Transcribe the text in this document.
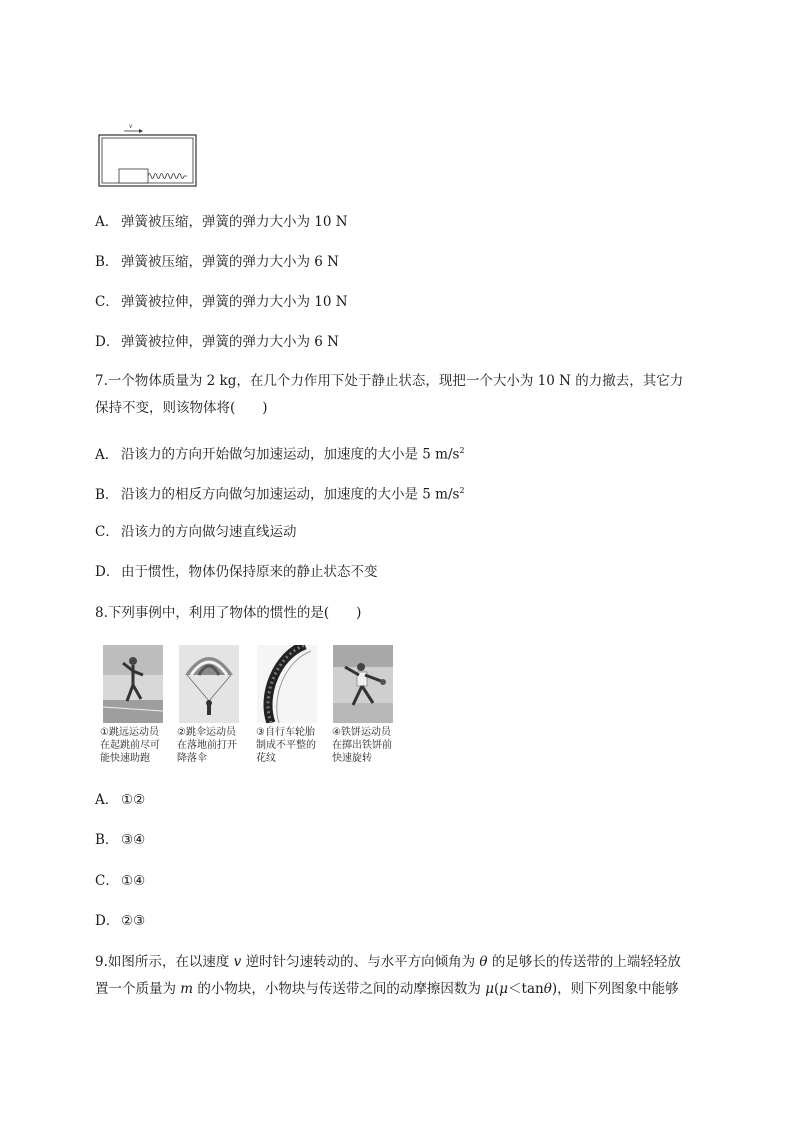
v
A． 弹簧被压缩，弹簧的弹力大小为 10 N
B． 弹簧被压缩，弹簧的弹力大小为 6 N
C． 弹簧被拉伸，弹簧的弹力大小为 10 N
D． 弹簧被拉伸，弹簧的弹力大小为 6 N
7.一个物体质量为 2 kg，在几个力作用下处于静止状态，现把一个大小为 10 N 的力撤去，其它力
保持不变，则该物体将(　　)
A． 沿该力的方向开始做匀加速运动，加速度的大小是 5 $m/s^2$
B． 沿该力的相反方向做匀加速运动，加速度的大小是 5 $m/s^2$
C． 沿该力的方向做匀速直线运动
D． 由于惯性，物体仍保持原来的静止状态不变
8.下列事例中，利用了物体的惯性的是(　　)
①跳远运动员在起跳前尽可能快速助跑
②跳伞运动员在落地前打开降落伞
③自行车轮胎制成不平整的花纹
④铁饼运动员在掷出铁饼前快速旋转
A． ①②
B． ③④
C． ①④
D． ②③
9.如图所示，在以速度 v 逆时针匀速转动的、与水平方向倾角为 θ 的足够长的传送带的上端轻轻放
置一个质量为 m 的小物块，小物块与传送带之间的动摩擦因数为 μ(μ＜tanθ)，则下列图象中能够
